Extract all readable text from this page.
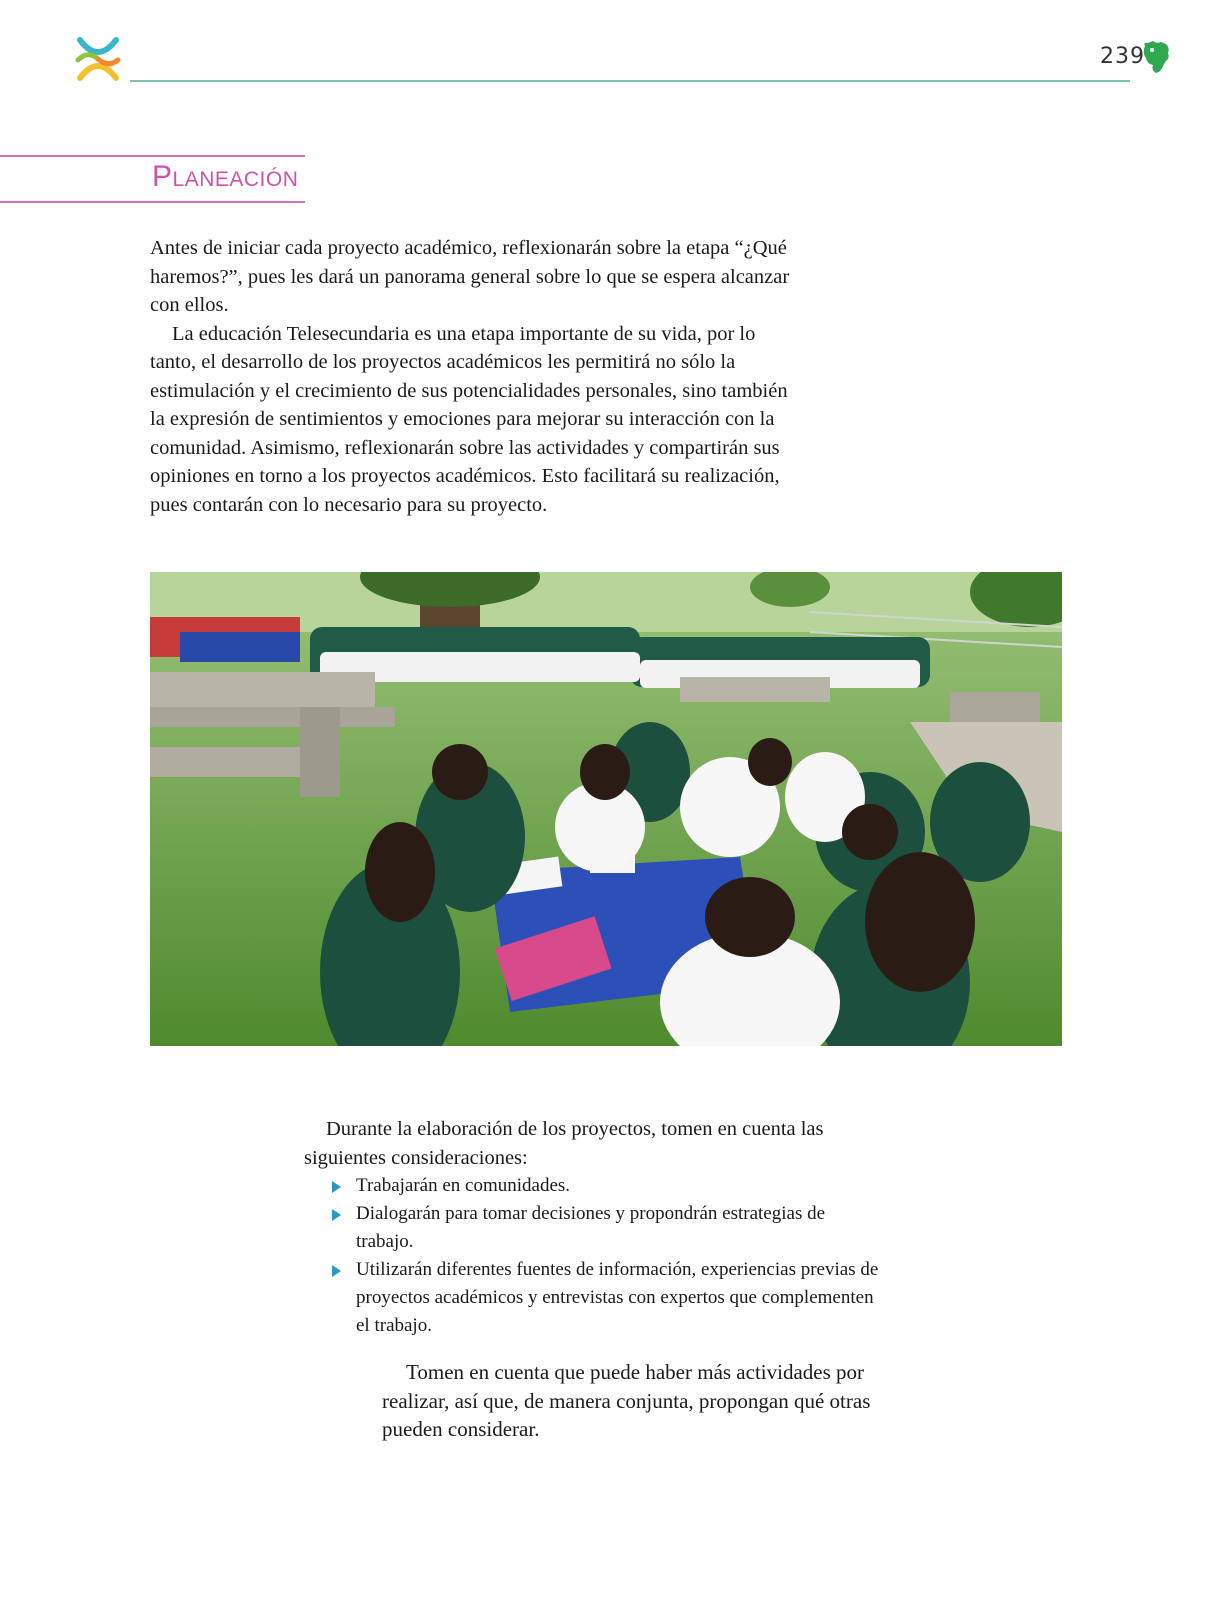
239
Planeación

Antes de iniciar cada proyecto académico, reflexionarán sobre la etapa “¿Qué haremos?”, pues les dará un panorama general sobre lo que se espera alcanzar con ellos.

La educación Telesecundaria es una etapa importante de su vida, por lo tanto, el desarrollo de los proyectos académicos les permitirá no sólo la estimulación y el crecimiento de sus potencialidades personales, sino también la expresión de sentimientos y emociones para mejorar su interacción con la comunidad. Asimismo, reflexionarán sobre las actividades y compartirán sus opiniones en torno a los proyectos académicos. Esto facilitará su realización, pues contarán con lo necesario para su proyecto.

Durante la elaboración de los proyectos, tomen en cuenta las siguientes consideraciones:

Trabajarán en comunidades.
Dialogarán para tomar decisiones y propondrán estrategias de trabajo.
Utilizarán diferentes fuentes de información, experiencias previas de proyectos académicos y entrevistas con expertos que complementen el trabajo.

Tomen en cuenta que puede haber más actividades por realizar, así que, de manera conjunta, propongan qué otras pueden considerar.
